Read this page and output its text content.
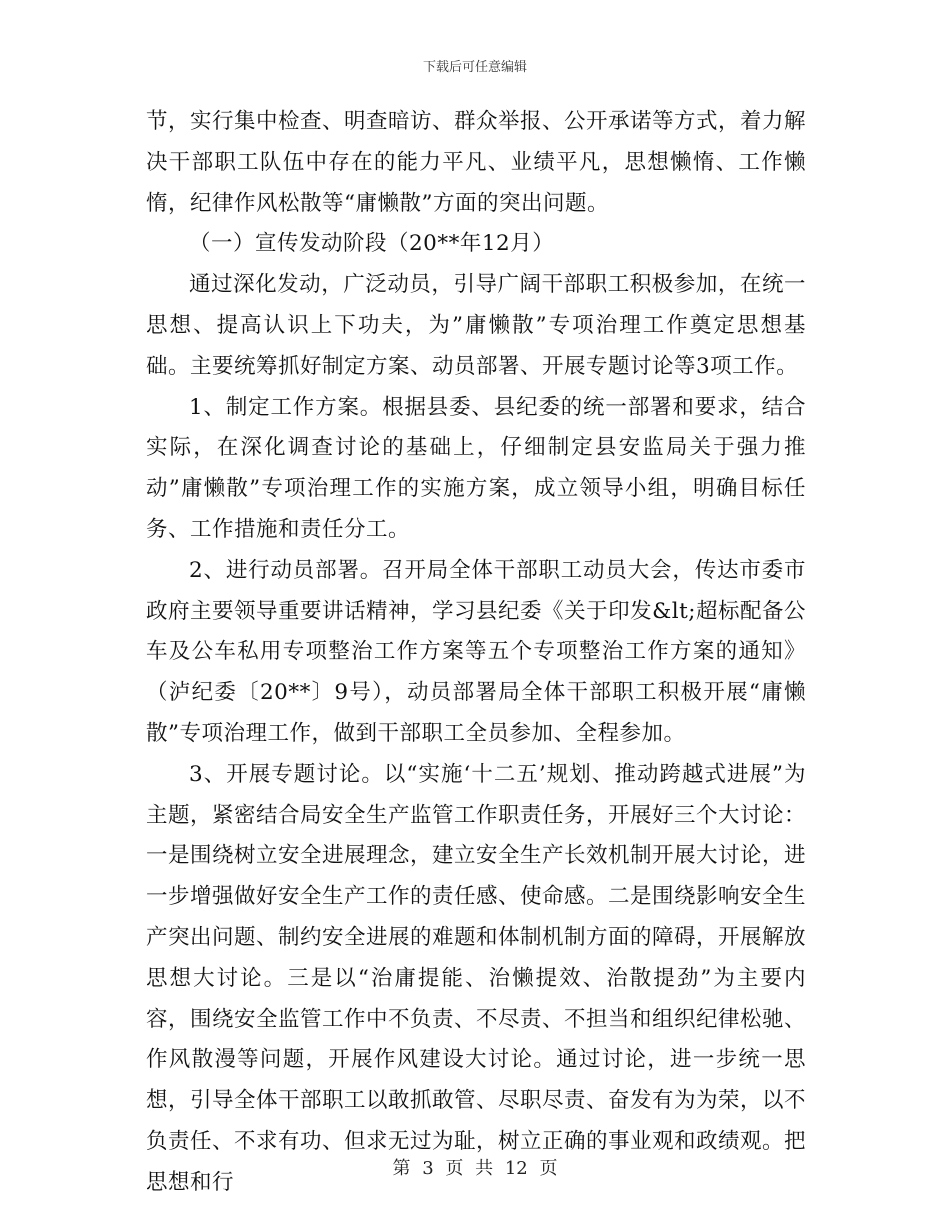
下载后可任意编辑

节，实行集中检查、明查暗访、群众举报、公开承诺等方式，着力解决干部职工队伍中存在的能力平凡、业绩平凡，思想懒惰、工作懒惰，纪律作风松散等“庸懒散”方面的突出问题。

（一）宣传发动阶段（20**年12月）

通过深化发动，广泛动员，引导广阔干部职工积极参加，在统一思想、提高认识上下功夫，为”庸懒散”专项治理工作奠定思想基础。主要统筹抓好制定方案、动员部署、开展专题讨论等3项工作。

1、制定工作方案。根据县委、县纪委的统一部署和要求，结合实际，在深化调查讨论的基础上，仔细制定县安监局关于强力推动”庸懒散”专项治理工作的实施方案，成立领导小组，明确目标任务、工作措施和责任分工。

2、进行动员部署。召开局全体干部职工动员大会，传达市委市政府主要领导重要讲话精神，学习县纪委《关于印发&lt;超标配备公车及公车私用专项整治工作方案等五个专项整治工作方案的通知》（泸纪委〔20**〕9号），动员部署局全体干部职工积极开展“庸懒散”专项治理工作，做到干部职工全员参加、全程参加。

3、开展专题讨论。以“实施‘十二五’规划、推动跨越式进展”为主题，紧密结合局安全生产监管工作职责任务，开展好三个大讨论：一是围绕树立安全进展理念，建立安全生产长效机制开展大讨论，进一步增强做好安全生产工作的责任感、使命感。二是围绕影响安全生产突出问题、制约安全进展的难题和体制机制方面的障碍，开展解放思想大讨论。三是以“治庸提能、治懒提效、治散提劲”为主要内容，围绕安全监管工作中不负责、不尽责、不担当和组织纪律松驰、作风散漫等问题，开展作风建设大讨论。通过讨论，进一步统一思想，引导全体干部职工以敢抓敢管、尽职尽责、奋发有为为荣，以不负责任、不求有功、但求无过为耻，树立正确的事业观和政绩观。把思想和行

第 3 页 共 12 页
